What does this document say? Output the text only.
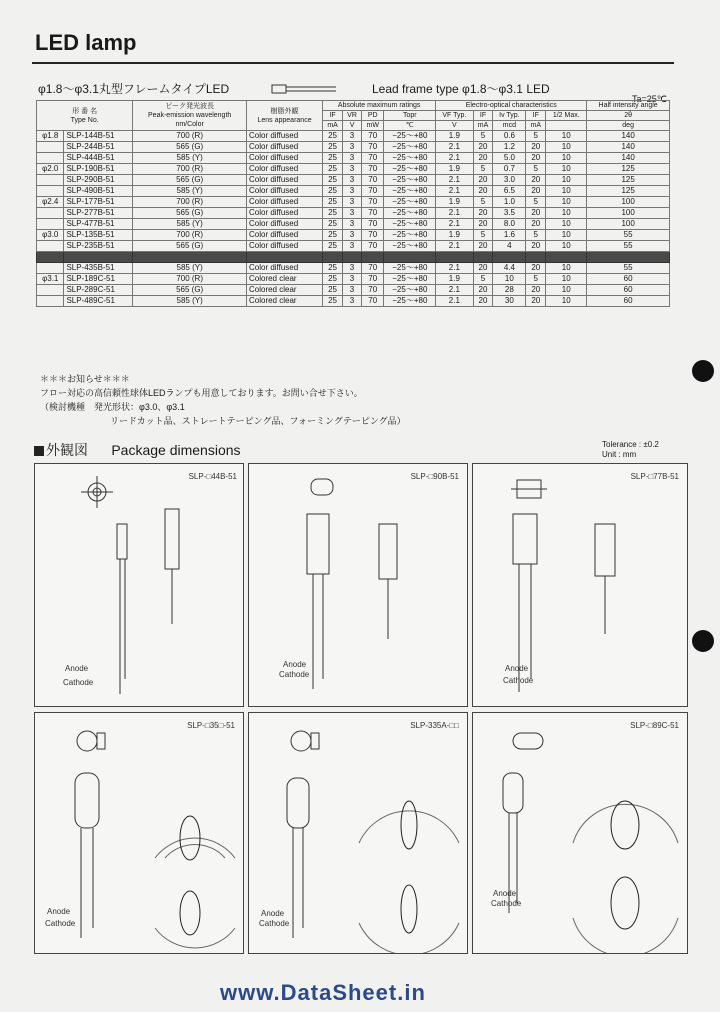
LED lamp
φ1.8～φ3.1丸型フレームタイプLED	Lead frame type φ1.8～φ3.1 LED
Ta=25℃
形 番 名
Type No.		ピーク発光波長
Peak-emission wavelength
nm/Color	樹脂外観
Lens appearance	Absolute maximum ratings				Electro-optical characteristics					Half intensity angle
				IF	VR	PD	Topr	VF Typ.	IF	Iv Typ.	IF	1/2 Max.	2θ
				mA	V	mW	℃	V	mA	mcd	mA		deg
φ1.8	SLP-144B-51	700 (R)	Color diffused	25	3	70	−25～+80	1.9	5	0.6	5	10	140
	SLP-244B-51	565 (G)	Color diffused	25	3	70	−25～+80	2.1	20	1.2	20	10	140
	SLP-444B-51	585 (Y)	Color diffused	25	3	70	−25～+80	2.1	20	5.0	20	10	140
φ2.0	SLP-190B-51	700 (R)	Color diffused	25	3	70	−25～+80	1.9	5	0.7	5	10	125
	SLP-290B-51	565 (G)	Color diffused	25	3	70	−25～+80	2.1	20	3.0	20	10	125
	SLP-490B-51	585 (Y)	Color diffused	25	3	70	−25～+80	2.1	20	6.5	20	10	125
φ2.4	SLP-177B-51	700 (R)	Color diffused	25	3	70	−25～+80	1.9	5	1.0	5	10	100
	SLP-277B-51	565 (G)	Color diffused	25	3	70	−25～+80	2.1	20	3.5	20	10	100
	SLP-477B-51	585 (Y)	Color diffused	25	3	70	−25～+80	2.1	20	8.0	20	10	100
φ3.0	SLP-135B-51	700 (R)	Color diffused	25	3	70	−25～+80	1.9	5	1.6	5	10	55
	SLP-235B-51	565 (G)	Color diffused	25	3	70	−25～+80	2.1	20	4	20	10	55
	SLP-335A-51	567 (Y.G)	Clear	25	3	70	−25～+80	2.1	20	100	20	10	35
	SLP-435B-51	585 (Y)	Color diffused	25	3	70	−25～+80	2.1	20	4.4	20	10	55
φ3.1	SLP-189C-51	700 (R)	Colored clear	25	3	70	−25～+80	1.9	5	10	5	10	60
	SLP-289C-51	565 (G)	Colored clear	25	3	70	−25～+80	2.1	20	28	20	10	60
	SLP-489C-51	585 (Y)	Colored clear	25	3	70	−25～+80	2.1	20	30	20	10	60
＊＊＊お知らせ＊＊＊
フロー対応の高信頼性球体LEDランプも用意しております。お問い合せ下さい。
（検討機種　発光形状：φ3.0、φ3.1
リードカット品、ストレートテーピング品、フォーミングテーピング品）
外観図 Package dimensions	Tolerance : ±0.2
Unit : mm
SLP-□44B-51
Anode
Cathode
SLP-□90B-51
Anode
Cathode
SLP-□77B-51
Anode
Cathode
SLP-□35□-51
Anode
Cathode
SLP-335A-□□
Anode
Cathode
SLP-□89C-51
Anode
Cathode
www.DataSheet.in
